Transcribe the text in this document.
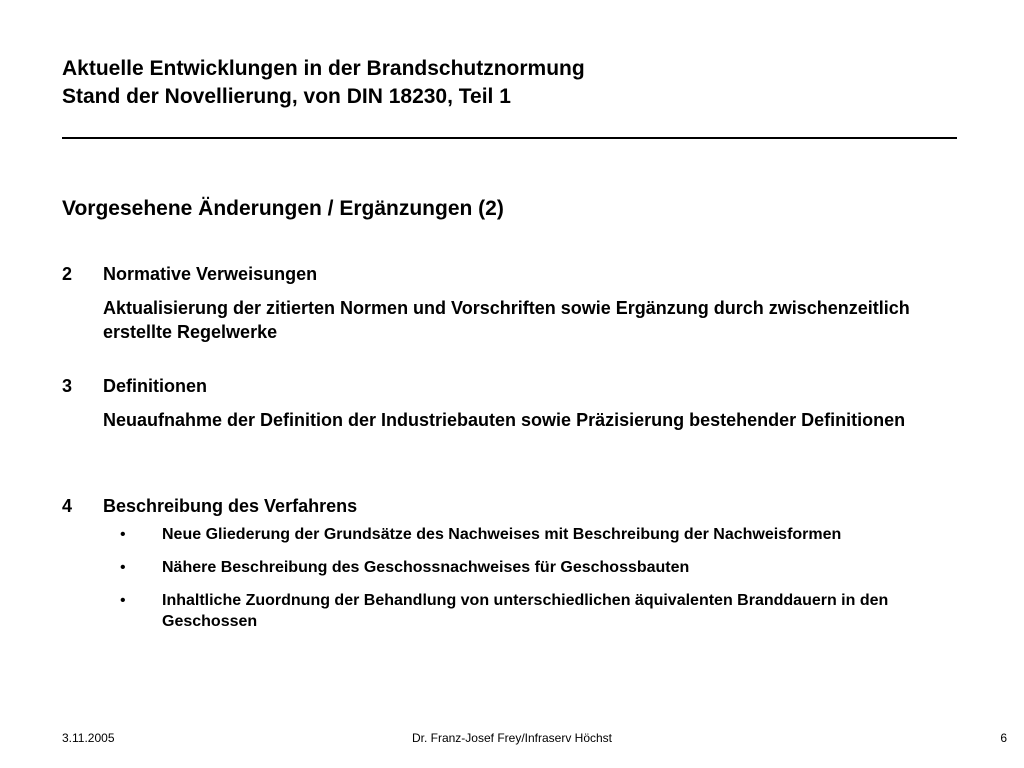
Aktuelle Entwicklungen in der Brandschutznormung
Stand der Novellierung, von DIN 18230, Teil 1
Vorgesehene Änderungen / Ergänzungen (2)
2	Normative Verweisungen
Aktualisierung der zitierten Normen und Vorschriften sowie Ergänzung durch zwischenzeitlich erstellte Regelwerke
3	Definitionen
Neuaufnahme der Definition der Industriebauten sowie Präzisierung bestehender Definitionen
4	Beschreibung des Verfahrens
•	Neue Gliederung der Grundsätze des Nachweises mit Beschreibung der Nachweisformen
•	Nähere Beschreibung des Geschossnachweises für Geschossbauten
•	Inhaltliche Zuordnung der Behandlung von unterschiedlichen äquivalenten Branddauern in den Geschossen
3.11.2005	Dr. Franz-Josef Frey/Infraserv Höchst	6
